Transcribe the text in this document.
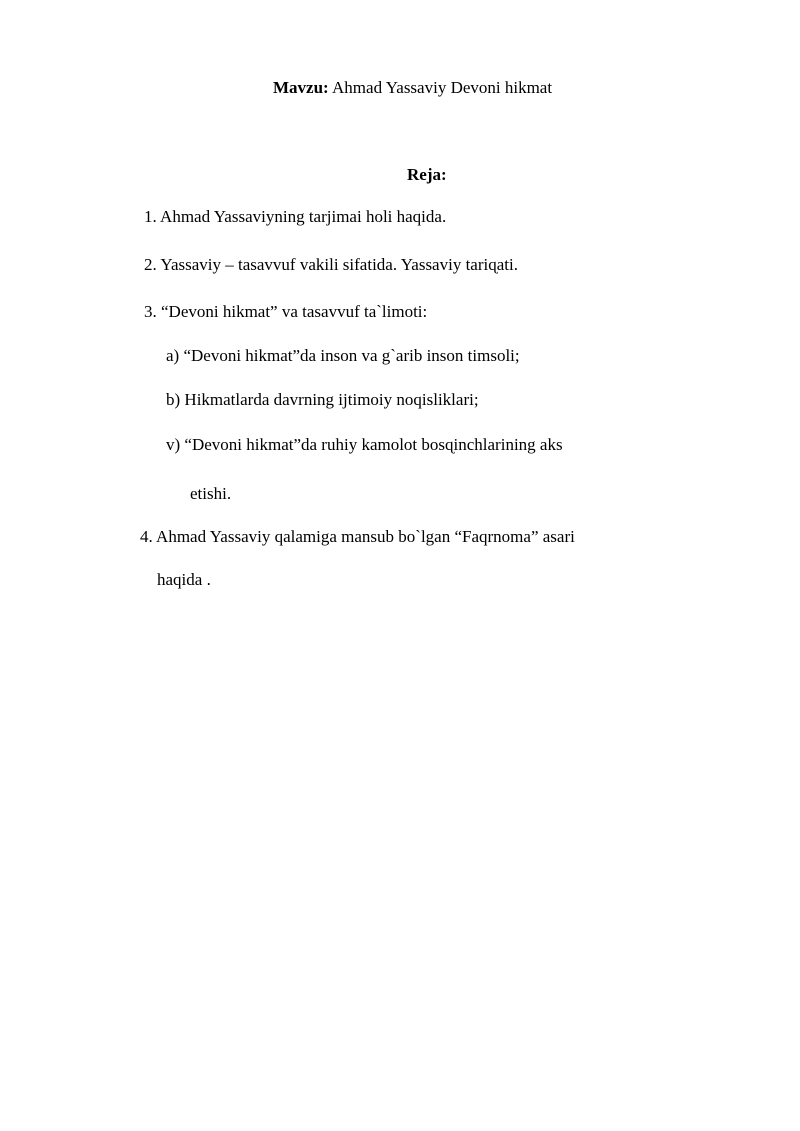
Mavzu: Ahmad Yassaviy Devoni hikmat
Reja:
1. Ahmad Yassaviyning tarjimai holi haqida.
2. Yassaviy – tasavvuf vakili sifatida. Yassaviy tariɋati.
3. “Devoni hikmat” va tasavvuf ta`limoti:
a) “Devoni hikmat”da inson va g`arib inson timsoli;
b) Hikmatlarda davrning ijtimoiy noqisliklari;
v) “Devoni hikmat”da ruhiy kamolot bosɋinchlarining aks
etishi.
4. Ahmad Yassaviy qalamiga mansub bo`lgan “Faqrnoma” asari
haqida .
